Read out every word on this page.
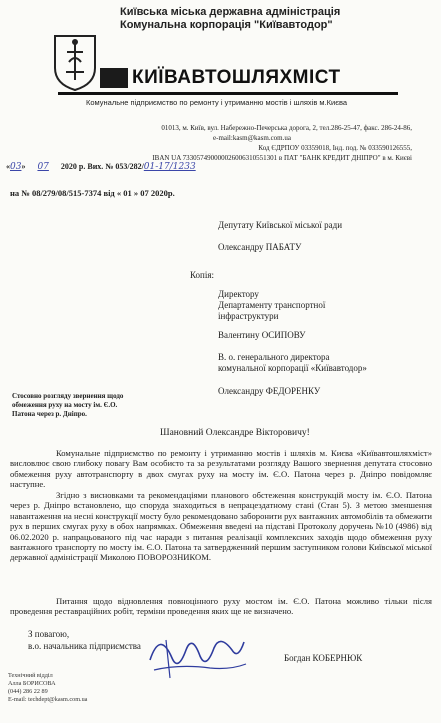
Київська міська державна адміністрація
Комунальна корпорація "Київавтодор"
КИЇВАВТОШЛЯХМІСТ
Комунальне підприємство по ремонту і утриманню мостів і шляхів м.Києва
01013, м. Київ, вул. Набережно-Печерська дорога, 2, тел.286-25-47, факс. 286-24-86,
e-mail:kasm@kasm.com.ua
Код ЄДРПОУ 03359018, Інд. под. № 033590126555,
IBAN UA 733057490000026006310551301 в ПАТ "БАНК КРЕДИТ ДНІПРО" в м. Києві
«03» 07 2020 р. Вих. № 053/282/01-17/1233
на № 08/279/08/515-7374 від « 01 » 07 2020р.
Депутату Київської міської ради
Олександру ПАБАТУ
Копія:
Директору
Департаменту транспортної
інфраструктури
Валентину ОСИПОВУ
В. о. генерального директора
комунальної корпорації «Київавтодор»
Олександру ФЕДОРЕНКУ
Стосовно розгляду звернення щодо обмеження руху на мосту ім. Є.О. Патона через р. Дніпро.
Шановний Олександре Вікторовичу!

Комунальне підприємство по ремонту і утриманню мостів і шляхів м. Києва «Київавтошляхміст» висловлює свою глибоку повагу Вам особисто та за результатами розгляду Вашого звернення депутата стосовно обмеження руху автотранспорту в двох смугах руху на мосту ім. Є.О. Патона через р. Дніпро повідомляє наступне.

Згідно з висновками та рекомендаціями планового обстеження конструкцій мосту ім. Є.О. Патона через р. Дніпро встановлено, що споруда знаходиться в непрацездатному стані (Стан 5). З метою зменшення навантаження на несні конструкції мосту було рекомендовано заборонити рух вантажних автомобілів та обмежити рух в перших смугах руху в обох напрямках. Обмеження введені на підставі Протоколу доручень №10 (4986) від 06.02.2020 р. напрацьованого під час наради з питання реалізації комплексних заходів щодо обмеження руху вантажного транспорту по мосту ім. Є.О. Патона та затвердженний першим заступником голови Київської міської державної адміністрації Миколою ПОВОРОЗНИКОМ.

Питання щодо відновлення повноцінного руху мостом ім. Є.О. Патона можливо тільки після проведення реставраційних робіт, терміни проведення яких ще не визначено.

З повагою,
в.о. начальника підприємства
Богдан КОБЕРНЮК
Технічний відділ
Алла БОРИСОВА
(044) 286 22 89
E-mail: techdept@kasm.com.ua
